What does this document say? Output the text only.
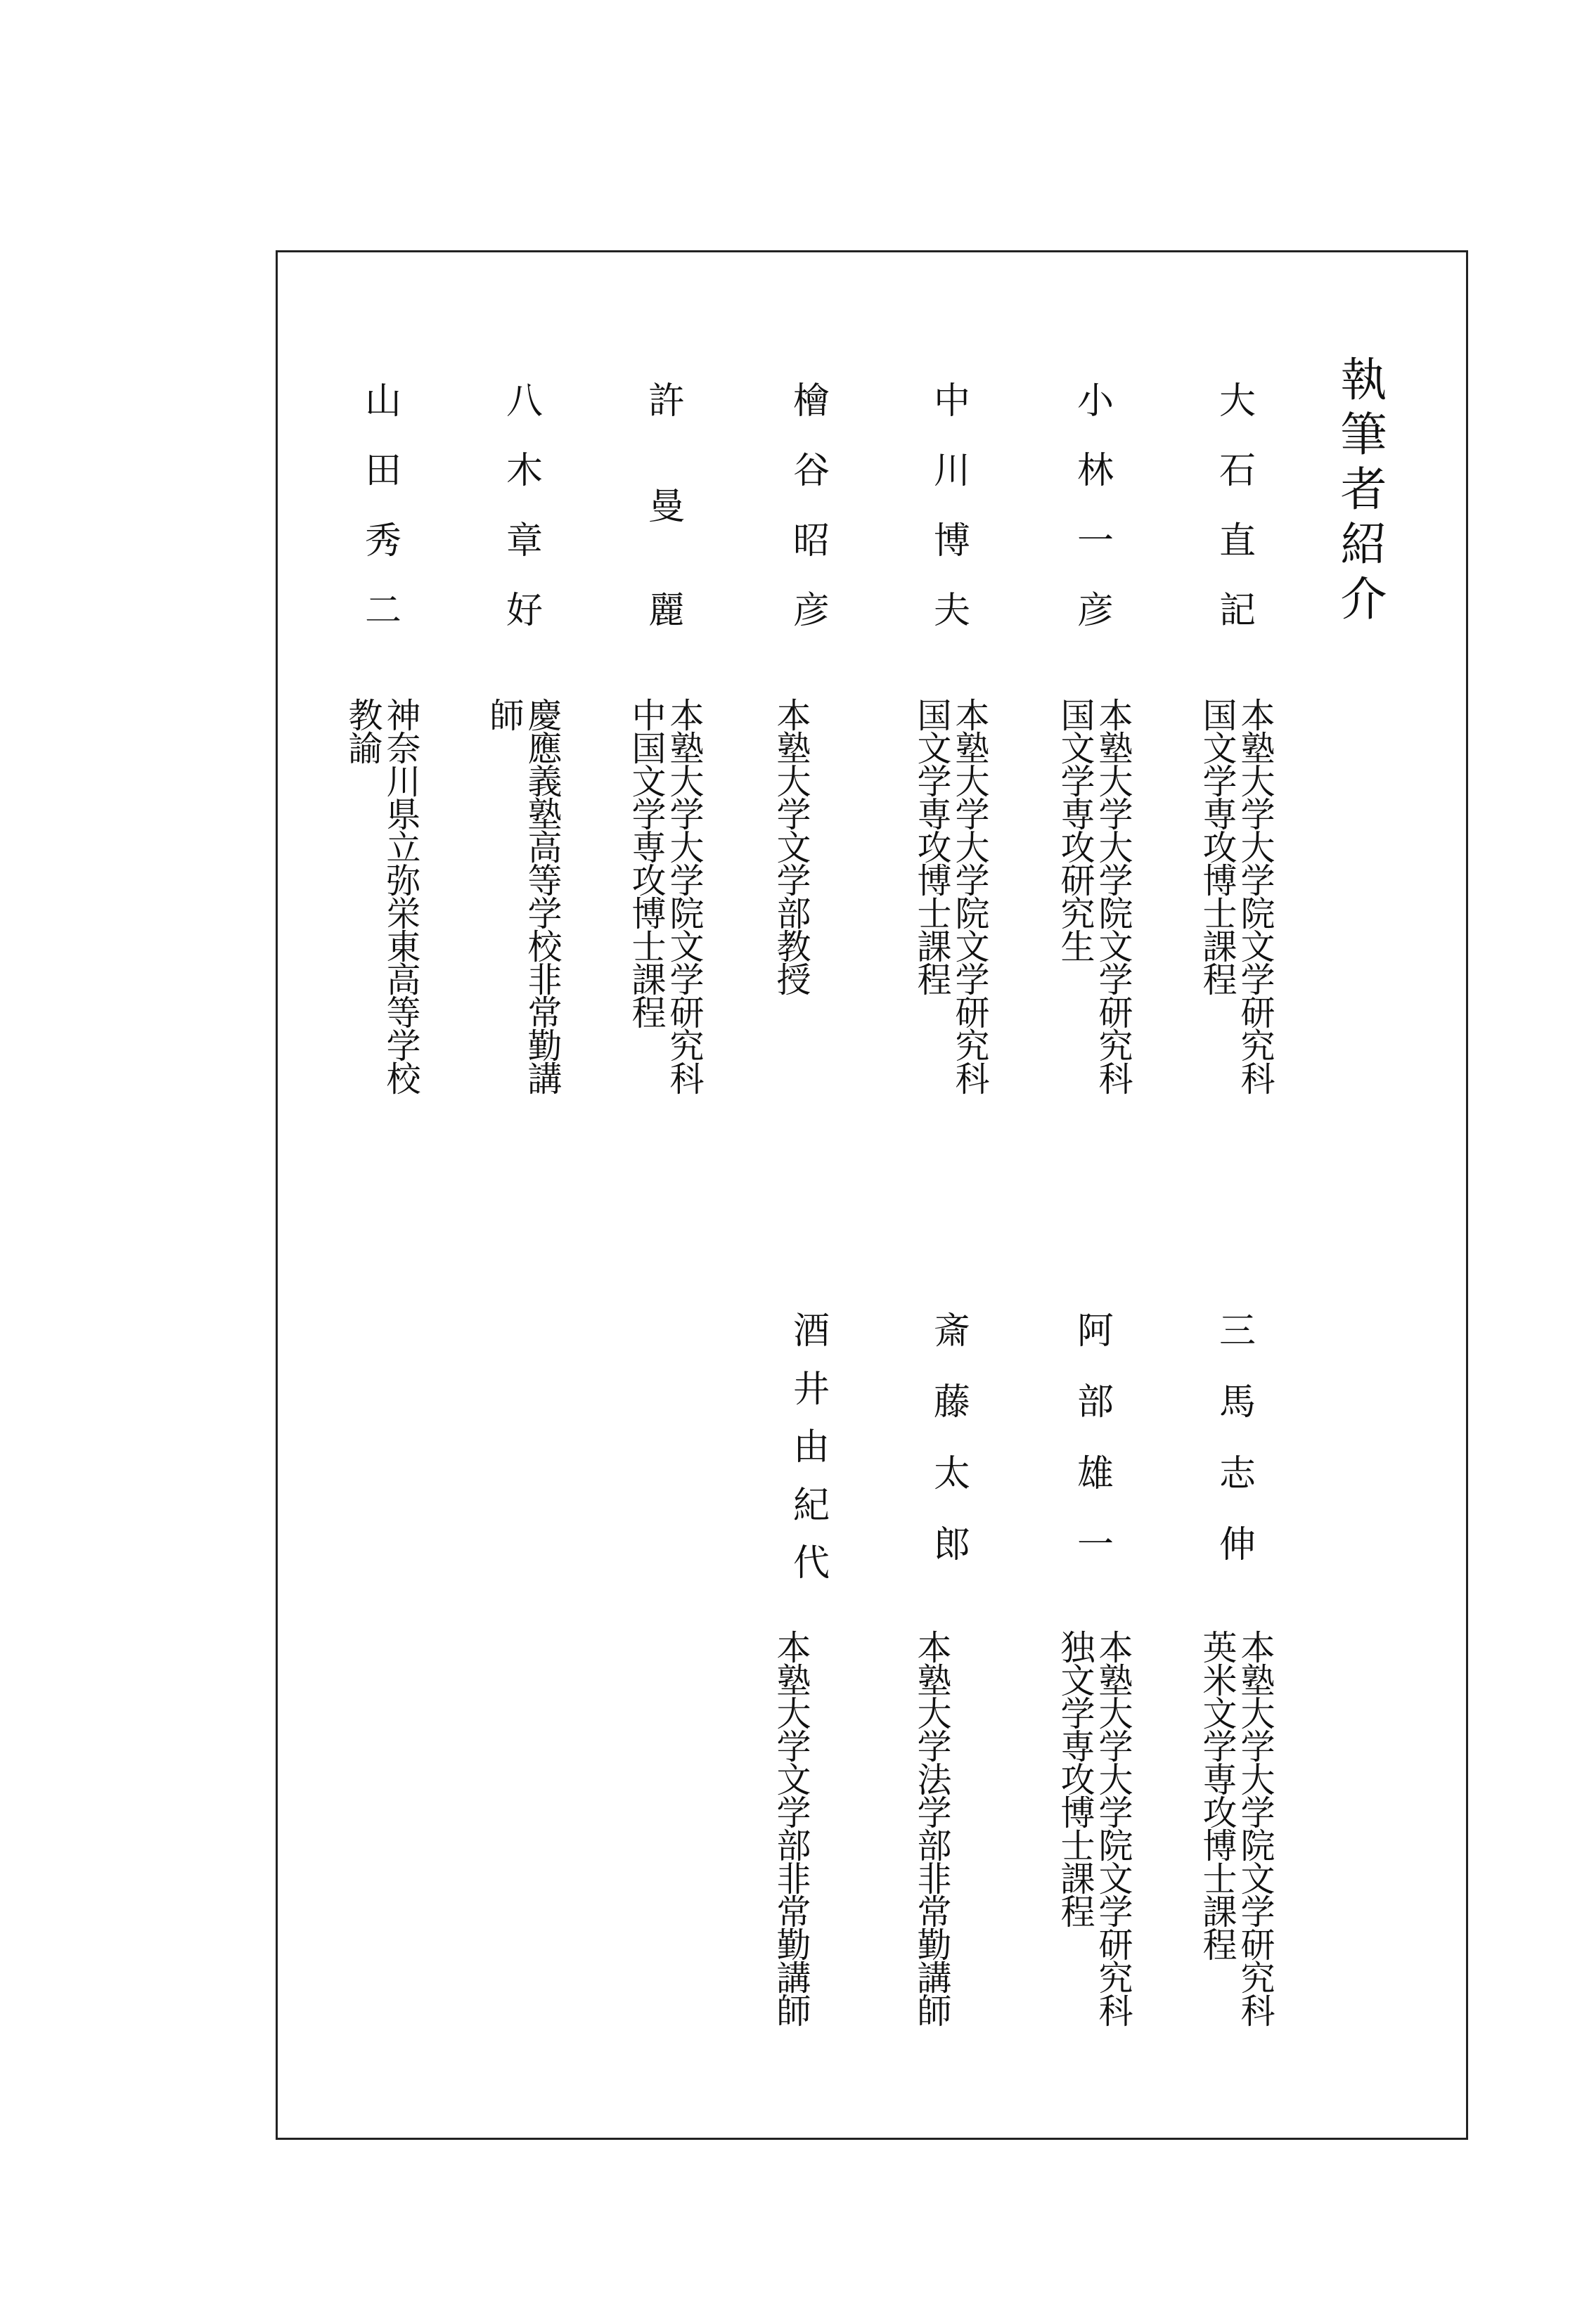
執筆者紹介
大
石
直
記
本塾大学大学院文学研究科
国文学専攻博士課程
小
林
一
彦
本塾大学大学院文学研究科
国文学専攻研究生
中
川
博
夫
本塾大学大学院文学研究科
国文学専攻博士課程
檜
谷
昭
彦
本塾大学文学部教授
許
曼
麗
本塾大学大学院文学研究科
中国文学専攻博士課程
八
木
章
好
慶應義塾高等学校非常勤講
師
山
田
秀
二
神奈川県立弥栄東高等学校
教諭
三
馬
志
伸
本塾大学大学院文学研究科
英米文学専攻博士課程
阿
部
雄
一
本塾大学大学院文学研究科
独文学専攻博士課程
斎
藤
太
郎
本塾大学法学部非常勤講師
酒
井
由
紀
代
本塾大学文学部非常勤講師
